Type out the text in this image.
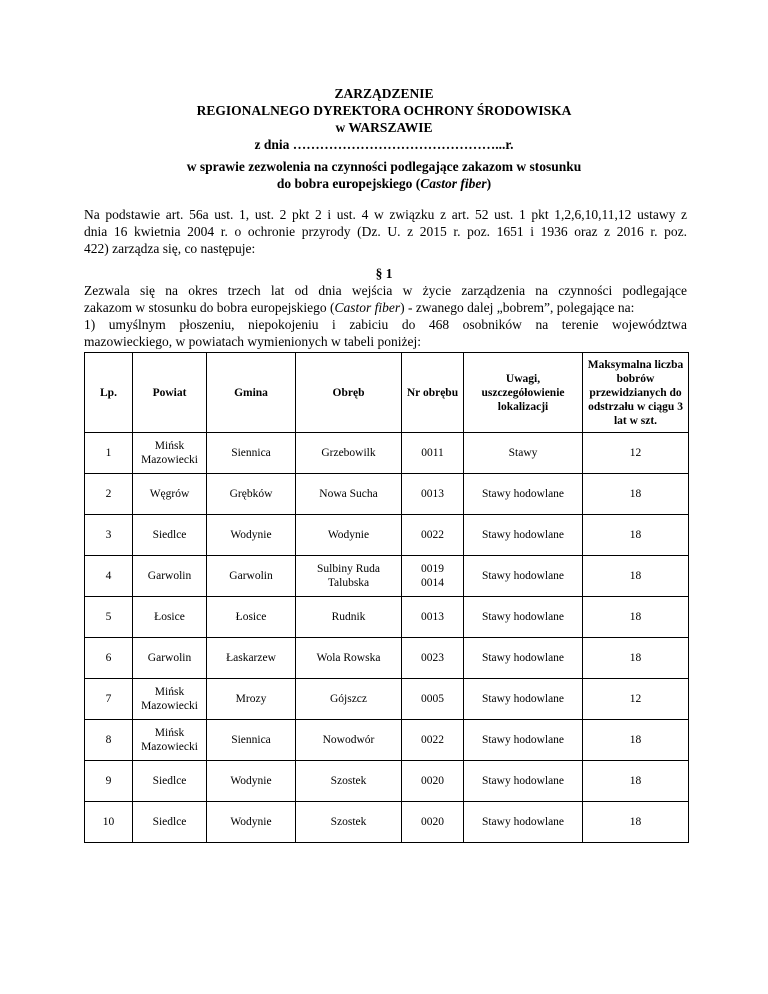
ZARZĄDZENIE
REGIONALNEGO DYREKTORA OCHRONY ŚRODOWISKA
w WARSZAWIE
z dnia ………………………………………...r.
w sprawie zezwolenia na czynności podlegające zakazom w stosunku
do bobra europejskiego (Castor fiber)
Na podstawie art. 56a ust. 1, ust. 2 pkt 2 i ust. 4 w związku z art. 52 ust. 1 pkt 1,2,6,10,11,12 ustawy z
dnia 16 kwietnia 2004 r. o ochronie przyrody (Dz. U. z 2015 r. poz. 1651 i 1936 oraz z 2016 r. poz.
422) zarządza się, co następuje:
§ 1
Zezwala się na okres trzech lat od dnia wejścia w życie zarządzenia na czynności podlegające
zakazom w stosunku do bobra europejskiego (Castor fiber) - zwanego dalej „bobrem”, polegające na:
1) umyślnym płoszeniu, niepokojeniu i zabiciu do 468 osobników na terenie województwa
mazowieckiego, w powiatach wymienionych w tabeli poniżej:
Lp.	Powiat	Gmina	Obręb	Nr obrębu	Uwagi, uszczegółowienie lokalizacji	Maksymalna liczba bobrów przewidzianych do odstrzału w ciągu 3 lat w szt.
1	Mińsk Mazowiecki	Siennica	Grzebowilk	0011	Stawy	12
2	Węgrów	Grębków	Nowa Sucha	0013	Stawy hodowlane	18
3	Siedlce	Wodynie	Wodynie	0022	Stawy hodowlane	18
4	Garwolin	Garwolin	Sulbiny Ruda Talubska	0019 0014	Stawy hodowlane	18
5	Łosice	Łosice	Rudnik	0013	Stawy hodowlane	18
6	Garwolin	Łaskarzew	Wola Rowska	0023	Stawy hodowlane	18
7	Mińsk Mazowiecki	Mrozy	Gójszcz	0005	Stawy hodowlane	12
8	Mińsk Mazowiecki	Siennica	Nowodwór	0022	Stawy hodowlane	18
9	Siedlce	Wodynie	Szostek	0020	Stawy hodowlane	18
10	Siedlce	Wodynie	Szostek	0020	Stawy hodowlane	18
